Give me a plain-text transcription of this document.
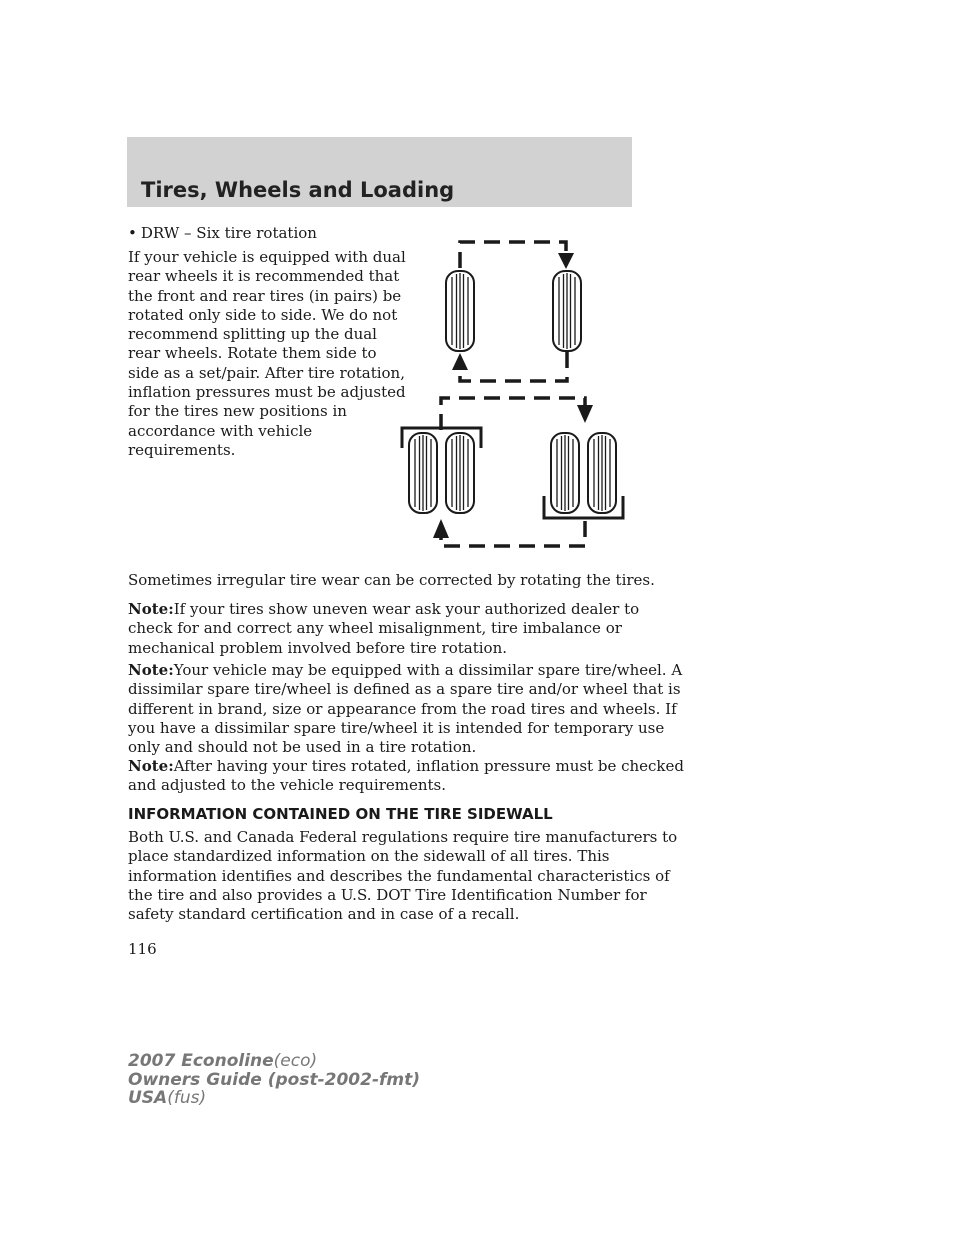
Tires, Wheels and Loading
• DRW – Six tire rotation
If your vehicle is equipped with dual
rear wheels it is recommended that
the front and rear tires (in pairs) be
rotated only side to side. We do not
recommend splitting up the dual
rear wheels. Rotate them side to
side as a set/pair. After tire rotation,
inflation pressures must be adjusted
for the tires new positions in
accordance with vehicle
requirements.
Sometimes irregular tire wear can be corrected by rotating the tires.
Note:If your tires show uneven wear ask your authorized dealer to
check for and correct any wheel misalignment, tire imbalance or
mechanical problem involved before tire rotation.
Note:Your vehicle may be equipped with a dissimilar spare tire/wheel. A
dissimilar spare tire/wheel is defined as a spare tire and/or wheel that is
different in brand, size or appearance from the road tires and wheels. If
you have a dissimilar spare tire/wheel it is intended for temporary use
only and should not be used in a tire rotation.
Note:After having your tires rotated, inflation pressure must be checked
and adjusted to the vehicle requirements.
INFORMATION CONTAINED ON THE TIRE SIDEWALL
Both U.S. and Canada Federal regulations require tire manufacturers to
place standardized information on the sidewall of all tires. This
information identifies and describes the fundamental characteristics of
the tire and also provides a U.S. DOT Tire Identification Number for
safety standard certification and in case of a recall.
116
2007 Econoline(eco)
Owners Guide (post-2002-fmt)
USA(fus)
